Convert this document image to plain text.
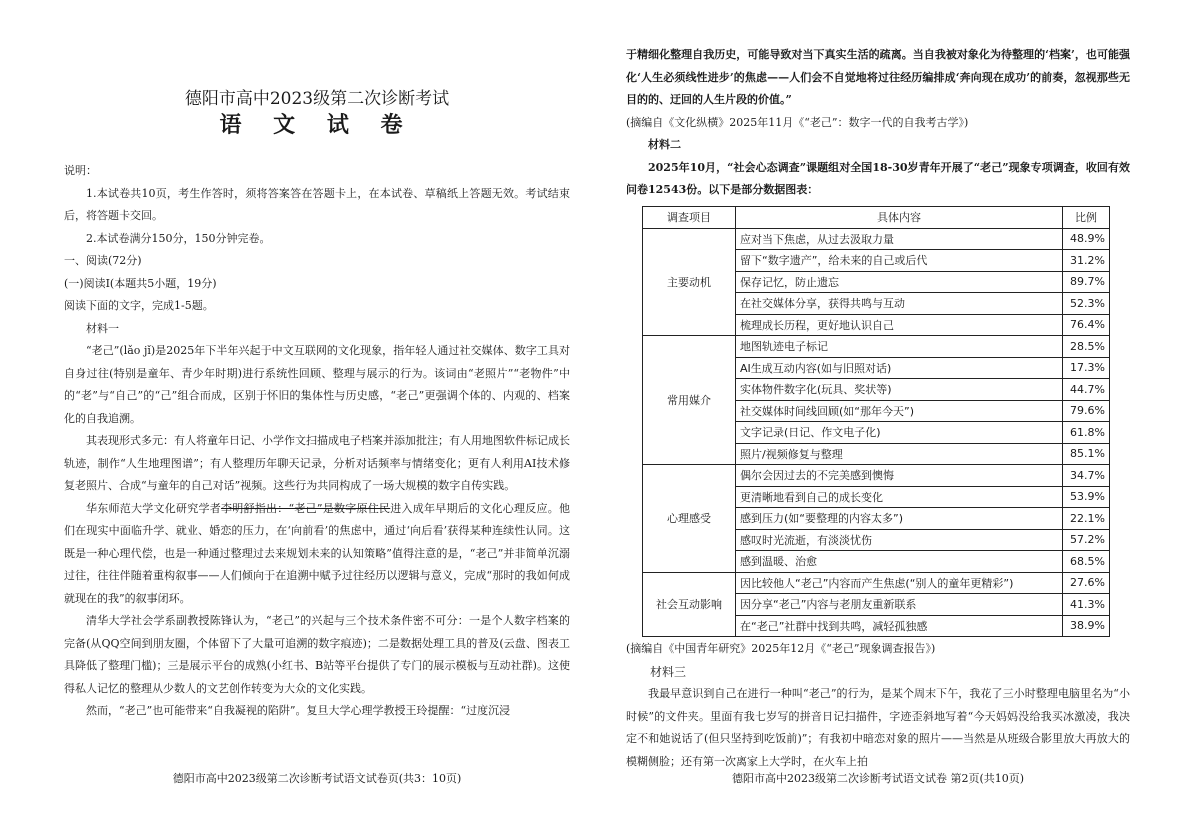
德阳市高中2023级第二次诊断考试
语 文 试 卷

说明：

1.本试卷共10页，考生作答时，须将答案答在答题卡上，在本试卷、草稿纸上答题无效。考试结束后，将答题卡交回。

2.本试卷满分150分，150分钟完卷。

一、阅读(72分)

(一)阅读Ⅰ(本题共5小题，19分)

阅读下面的文字，完成1-5题。

材料一

“老己”(lǎo jǐ)是2025年下半年兴起于中文互联网的文化现象，指年轻人通过社交媒体、数字工具对自身过往(特别是童年、青少年时期)进行系统性回顾、整理与展示的行为。该词由“老照片”“老物件”中的“老”与“自己”的“己”组合而成，区别于怀旧的集体性与历史感，“老己”更强调个体的、内观的、档案化的自我追溯。

其表现形式多元：有人将童年日记、小学作文扫描成电子档案并添加批注；有人用地图软件标记成长轨迹，制作“人生地理图谱”；有人整理历年聊天记录，分析对话频率与情绪变化；更有人利用AI技术修复老照片、合成“与童年的自己对话”视频。这些行为共同构成了一场大规模的数字自传实践。

华东师范大学文化研究学者李明舒指出：“老己”是数字原住民进入成年早期后的文化心理反应。他们在现实中面临升学、就业、婚恋的压力，在‘向前看’的焦虑中，通过‘向后看’获得某种连续性认同。这既是一种心理代偿，也是一种通过整理过去来规划未来的认知策略”值得注意的是，“老己”并非简单沉溺过往，往往伴随着重构叙事——人们倾向于在追溯中赋予过往经历以逻辑与意义，完成“那时的我如何成就现在的我”的叙事闭环。

清华大学社会学系副教授陈锋认为，“老己”的兴起与三个技术条件密不可分：一是个人数字档案的完备(从QQ空间到朋友圈，个体留下了大量可追溯的数字痕迹)；二是数据处理工具的普及(云盘、图表工具降低了整理门槛)；三是展示平台的成熟(小红书、B站等平台提供了专门的展示模板与互动社群)。这使得私人记忆的整理从少数人的文艺创作转变为大众的文化实践。

然而，“老己”也可能带来“自我凝视的陷阱”。复旦大学心理学教授王玲提醒：“过度沉浸

德阳市高中2023级第二次诊断考试语文试卷页(共3：10页)

于精细化整理自我历史，可能导致对当下真实生活的疏离。当自我被对象化为待整理的‘档案’，也可能强化‘人生必须线性进步’的焦虑——人们会不自觉地将过往经历编排成‘奔向现在成功’的前奏，忽视那些无目的的、迂回的人生片段的价值。”

(摘编自《文化纵横》2025年11月《“老己”：数字一代的自我考古学》)

材料二

2025年10月，“社会心态调查”课题组对全国18-30岁青年开展了“老己”现象专项调查，收回有效问卷12543份。以下是部分数据图表：

调查项目	具体内容	比例
主要动机	应对当下焦虑，从过去汲取力量	48.9%
	留下“数字遗产”，给未来的自己或后代	31.2%
	保存记忆，防止遗忘	89.7%
	在社交媒体分享，获得共鸣与互动	52.3%
	梳理成长历程，更好地认识自己	76.4%
常用媒介	地图轨迹电子标记	28.5%
	AI生成互动内容(如与旧照对话)	17.3%
	实体物件数字化(玩具、奖状等)	44.7%
	社交媒体时间线回顾(如“那年今天”)	79.6%
	文字记录(日记、作文电子化)	61.8%
	照片/视频修复与整理	85.1%
心理感受	偶尔会因过去的不完美感到懊悔	34.7%
	更清晰地看到自己的成长变化	53.9%
	感到压力(如“要整理的内容太多”)	22.1%
	感叹时光流逝，有淡淡忧伤	57.2%
	感到温暖、治愈	68.5%
社会互动影响	因比较他人“老己”内容而产生焦虑(“别人的童年更精彩”)	27.6%
	因分享“老己”内容与老朋友重新联系	41.3%
	在“老己”社群中找到共鸣，减轻孤独感	38.9%

(摘编自《中国青年研究》2025年12月《“老己”现象调查报告》)

材料三

我最早意识到自己在进行一种叫“老己”的行为，是某个周末下午，我花了三小时整理电脑里名为“小时候”的文件夹。里面有我七岁写的拼音日记扫描件，字迹歪斜地写着“今天妈妈没给我买冰激凌，我决定不和她说话了(但只坚持到吃饭前)”；有我初中暗恋对象的照片——当然是从班级合影里放大再放大的模糊侧脸；还有第一次离家上大学时，在火车上拍

德阳市高中2023级第二次诊断考试语文试卷 第2页(共10页)
